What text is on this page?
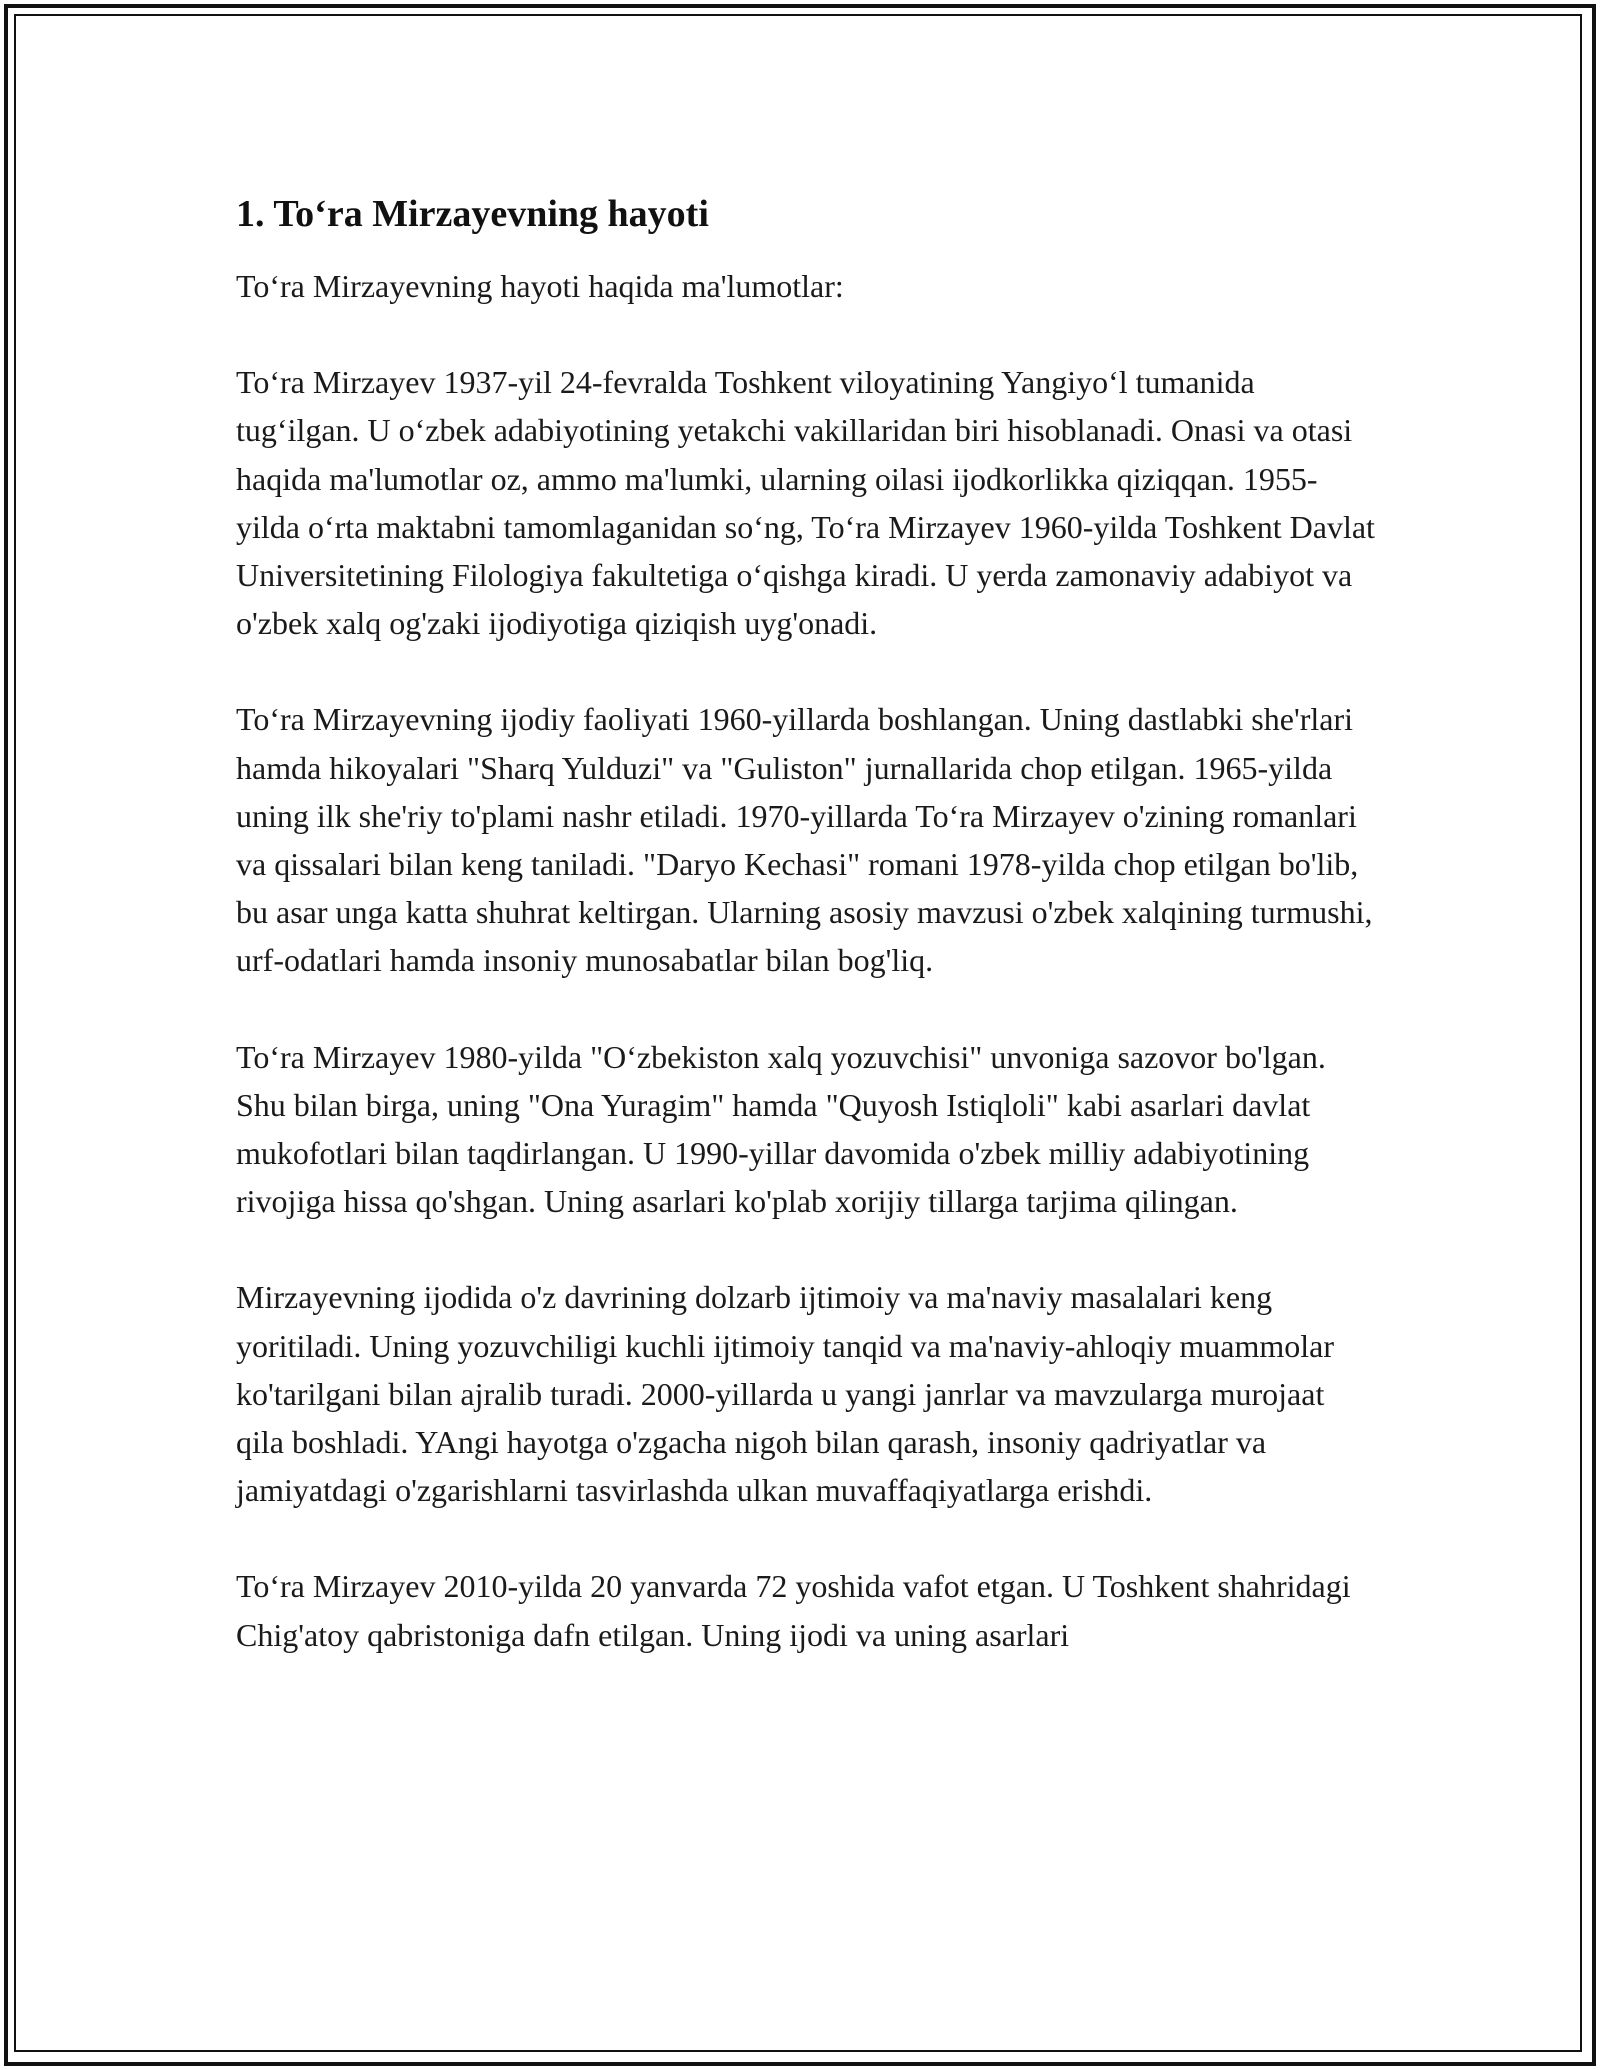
1. To‘ra Mirzayevning hayoti

To‘ra Mirzayevning hayoti haqida ma'lumotlar:

To‘ra Mirzayev 1937-yil 24-fevralda Toshkent viloyatining Yangiyo‘l tumanida tug‘ilgan. U o‘zbek adabiyotining yetakchi vakillaridan biri hisoblanadi. Onasi va otasi haqida ma'lumotlar oz, ammo ma'lumki, ularning oilasi ijodkorlikka qiziqqan. 1955-yilda o‘rta maktabni tamomlaganidan so‘ng, To‘ra Mirzayev 1960-yilda Toshkent Davlat Universitetining Filologiya fakultetiga o‘qishga kiradi. U yerda zamonaviy adabiyot va o'zbek xalq og'zaki ijodiyotiga qiziqish uyg'onadi.

To‘ra Mirzayevning ijodiy faoliyati 1960-yillarda boshlangan. Uning dastlabki she'rlari hamda hikoyalari "Sharq Yulduzi" va "Guliston" jurnallarida chop etilgan. 1965-yilda uning ilk she'riy to'plami nashr etiladi. 1970-yillarda To‘ra Mirzayev o'zining romanlari va qissalari bilan keng taniladi. "Daryo Kechasi" romani 1978-yilda chop etilgan bo'lib, bu asar unga katta shuhrat keltirgan. Ularning asosiy mavzusi o'zbek xalqining turmushi, urf-odatlari hamda insoniy munosabatlar bilan bog'liq.

To‘ra Mirzayev 1980-yilda "O‘zbekiston xalq yozuvchisi" unvoniga sazovor bo'lgan. Shu bilan birga, uning "Ona Yuragim" hamda "Quyosh Istiqloli" kabi asarlari davlat mukofotlari bilan taqdirlangan. U 1990-yillar davomida o'zbek milliy adabiyotining rivojiga hissa qo'shgan. Uning asarlari ko'plab xorijiy tillarga tarjima qilingan.

Mirzayevning ijodida o'z davrining dolzarb ijtimoiy va ma'naviy masalalari keng yoritiladi. Uning yozuvchiligi kuchli ijtimoiy tanqid va ma'naviy-ahloqiy muammolar ko'tarilgani bilan ajralib turadi. 2000-yillarda u yangi janrlar va mavzularga murojaat qila boshladi. YAngi hayotga o'zgacha nigoh bilan qarash, insoniy qadriyatlar va jamiyatdagi o'zgarishlarni tasvirlashda ulkan muvaffaqiyatlarga erishdi.

To‘ra Mirzayev 2010-yilda 20 yanvarda 72 yoshida vafot etgan. U Toshkent shahridagi Chig'atoy qabristoniga dafn etilgan. Uning ijodi va uning asarlari
